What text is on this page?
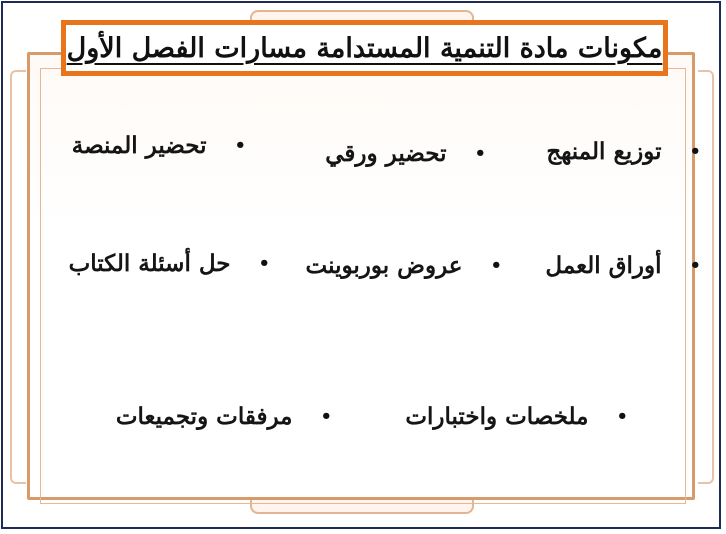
مكونات مادة التنمية المستدامة مسارات الفصل الأول
•
توزيع المنهج
•
تحضير ورقي
•
تحضير المنصة
•
أوراق العمل
•
عروض بوربوينت
•
حل أسئلة الكتاب
•
ملخصات واختبارات
•
مرفقات وتجميعات
